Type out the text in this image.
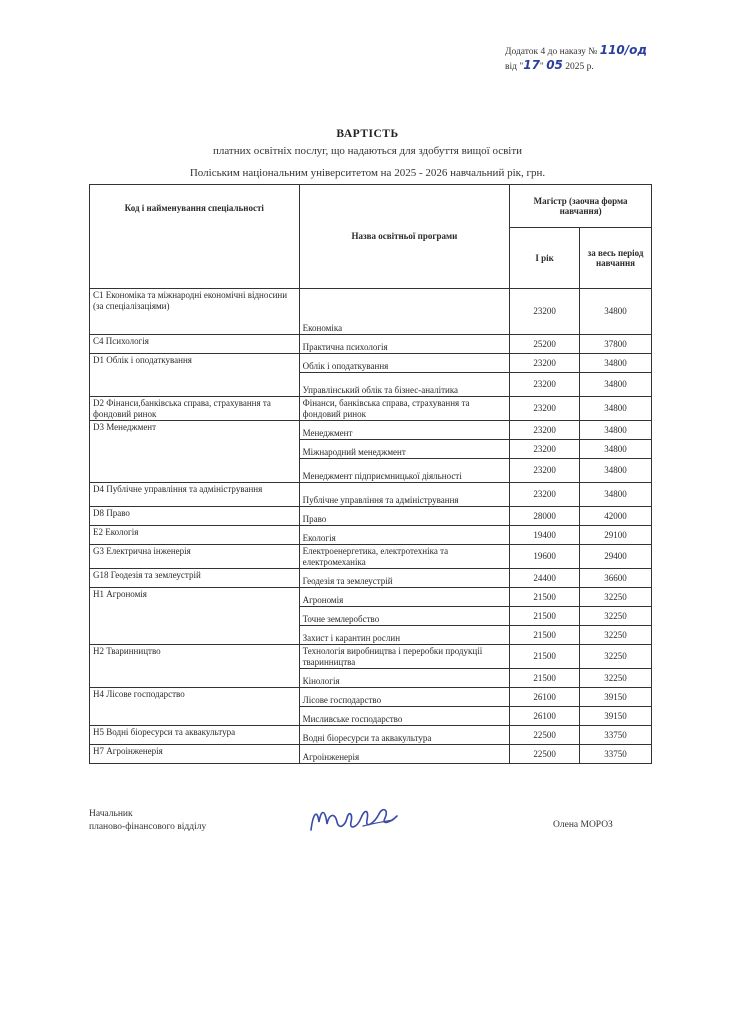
Додаток 4 до наказу № 110/од
від "17" 05 2025 р.
ВАРТІСТЬ
платних освітніх послуг, що надаються для здобуття вищої освіти
Поліським національним університетом на 2025 - 2026 навчальний рік, грн.
Код і найменування спеціальності	Назва освітньої програми	Магістр (заочна форма навчання)	
		І рік	за весь період навчання
С1 Економіка та міжнародні економічні відносини (за спеціалізаціями)	Економіка	23200	34800
С4 Психологія	Практична психологія	25200	37800
D1 Облік і оподаткування	Облік і оподаткування	23200	34800
	Управлінський облік та бізнес-аналітика	23200	34800
D2 Фінанси,банківська справа, страхування та фондовий ринок	Фінанси, банківська справа, страхування та фондовий ринок	23200	34800
D3 Менеджмент	Менеджмент	23200	34800
	Міжнародний менеджмент	23200	34800
	Менеджмент підприємницької діяльності	23200	34800
D4 Публічне управління та адміністрування	Публічне управління та адміністрування	23200	34800
D8 Право	Право	28000	42000
E2 Екологія	Екологія	19400	29100
G3 Електрична інженерія	Електроенергетика, електротехніка та електромеханіка	19600	29400
G18 Геодезія та землеустрій	Геодезія та землеустрій	24400	36600
Н1 Агрономія	Агрономія	21500	32250
	Точне землеробство	21500	32250
	Захист і карантин рослин	21500	32250
Н2 Тваринництво	Технологія виробництва і переробки продукції тваринництва	21500	32250
	Кінологія	21500	32250
Н4 Лісове господарство	Лісове господарство	26100	39150
	Мисливське господарство	26100	39150
Н5 Водні біоресурси та аквакультура	Водні біоресурси та аквакультура	22500	33750
Н7 Агроінженерія	Агроінженерія	22500	33750
Начальник
планово-фінансового відділу	Олена МОРОЗ
